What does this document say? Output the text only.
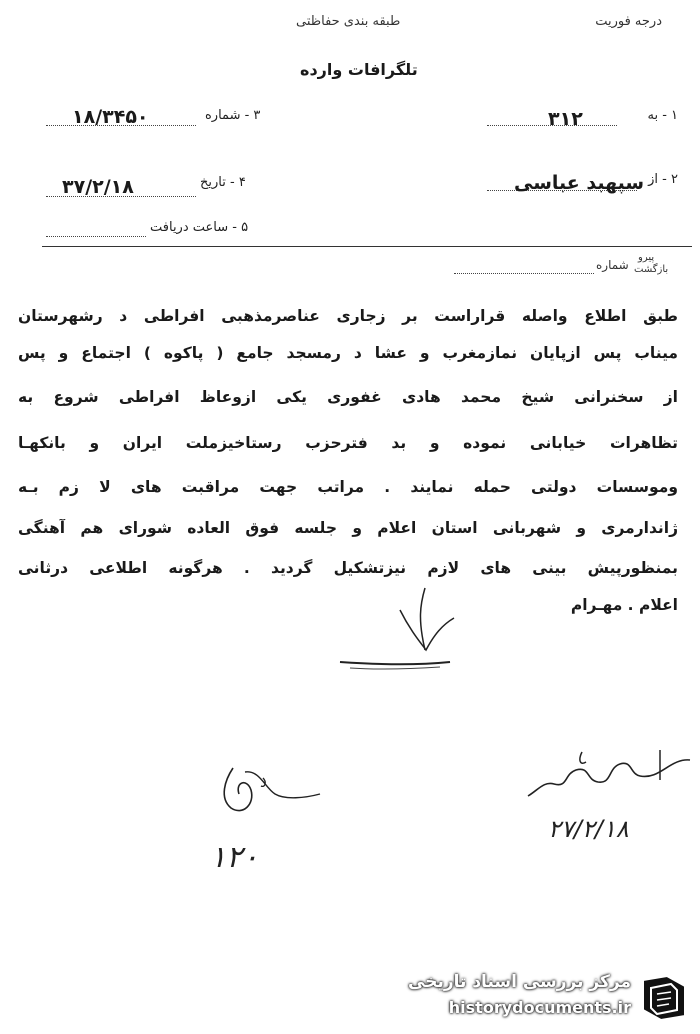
درجه فوریت
طبقه بندی حفاظتی
تلگرافات وارده
۱ - به
۳۱۲
۳ - شماره
۱۸/۳۴۵۰
۲ - از
سپهبد عباسی
۴ - تاریخ
۳۷/۲/۱۸
۵ - ساعت دریافت
شماره
پیرو
بازگشت
طبق اطلاع واصله قراراست بر زجاری عناصرمذهبی افراطی د رشهرستان
میناب پس ازپایان نمازمغرب و عشا د رمسجد جامع ( پاکوه ) اجتماع و پس
از سخنرانی شیخ محمد هادی غفوری یکی ازوعاظ افراطی شروع به
تظاهرات خیابانی نموده و بد فترحزب رستاخیزملت ایران و بانکهـا
وموسسات دولتی حمله نمایند . مراتب جهت مراقبت های لا زم بـه
ژاندارمری و شهربانی استان اعلام و جلسه فوق العاده شورای هم آهنگی
بمنظورپیش بینی های لازم نیزتشکیل گردید . هرگونه اطلاعی درثانی
اعلام . مهـرام
۲۷/۲/۱۸
۱۲۰
مرکز بررسی اسناد تاریخی
historydocuments.ir
